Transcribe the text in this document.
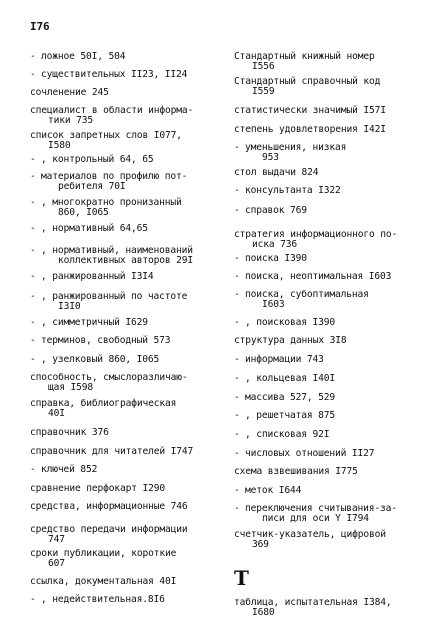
I76
- ложное 50I, 504
- существительных II23, II24
сочленение 245
специалист в области информа-
тики 735
список запретных слов I077,
I580
- , контрольный 64, 65
- материалов по профилю пот-
ребителя 70I
- , многократно пронизанный
860, I065
- , нормативный 64,65
- , нормативный, наименований
коллективных авторов 29I
- , ранжированный I3I4
- , ранжированный по частоте
I3I0
- , симметричный I629
- терминов, свободный 573
- , узелковый 860, I065
способность, смыслоразличаю-
щая I598
справка, библиографическая
40I
справочник 376
справочник для читателей I747
- ключей 852
сравнение перфокарт I290
средства, информационные 746
средство передачи информации
747
сроки публикации, короткие
607
ссылка, документальная 40I
- , недействительная.8I6
Стандартный книжный номер
I556
Стандартный справочный код
I559
статистически значимый I57I
степень удовлетворения I42I
- уменьшения, низкая
953
стол выдачи 824
- консультанта I322
- справок 769
стратегия информационного по-
иска 736
- поиска I390
- поиска, неоптимальная I603
- поиска, субоптимальная
I603
- , поисковая I390
структура данных 3I8
- информации 743
- , кольцевая I40I
- массива 527, 529
- , решетчатая 875
- , списковая 92I
- числовых отношений II27
схема взвешивания I775
- меток I644
- переключения считывания-за-
писи для оси Y I794
счетчик-указатель, цифровой
369
таблица, испытательная I384,
I680
T
